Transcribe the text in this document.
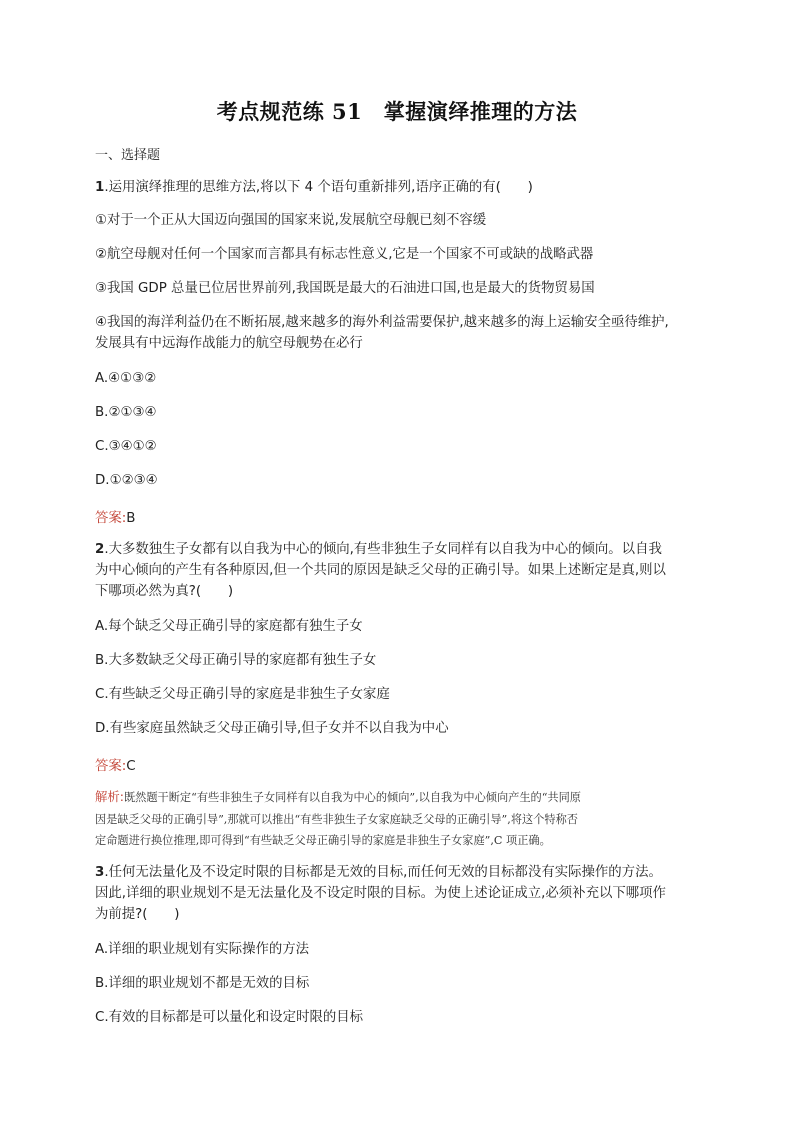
考点规范练 51　掌握演绎推理的方法
一、选择题
1.运用演绎推理的思维方法,将以下 4 个语句重新排列,语序正确的有(　　)
①对于一个正从大国迈向强国的国家来说,发展航空母舰已刻不容缓
②航空母舰对任何一个国家而言都具有标志性意义,它是一个国家不可或缺的战略武器
③我国 GDP 总量已位居世界前列,我国既是最大的石油进口国,也是最大的货物贸易国
④我国的海洋利益仍在不断拓展,越来越多的海外利益需要保护,越来越多的海上运输安全亟待维护,
发展具有中远海作战能力的航空母舰势在必行
A.④①③②
B.②①③④
C.③④①②
D.①②③④
答案:B
2.大多数独生子女都有以自我为中心的倾向,有些非独生子女同样有以自我为中心的倾向。以自我
为中心倾向的产生有各种原因,但一个共同的原因是缺乏父母的正确引导。如果上述断定是真,则以
下哪项必然为真?(　　)
A.每个缺乏父母正确引导的家庭都有独生子女
B.大多数缺乏父母正确引导的家庭都有独生子女
C.有些缺乏父母正确引导的家庭是非独生子女家庭
D.有些家庭虽然缺乏父母正确引导,但子女并不以自我为中心
答案:C
解析:既然题干断定“有些非独生子女同样有以自我为中心的倾向”,以自我为中心倾向产生的“共同原
因是缺乏父母的正确引导”,那就可以推出“有些非独生子女家庭缺乏父母的正确引导”,将这个特称否
定命题进行换位推理,即可得到“有些缺乏父母正确引导的家庭是非独生子女家庭”,C 项正确。
3.任何无法量化及不设定时限的目标都是无效的目标,而任何无效的目标都没有实际操作的方法。
因此,详细的职业规划不是无法量化及不设定时限的目标。为使上述论证成立,必须补充以下哪项作
为前提?(　　)
A.详细的职业规划有实际操作的方法
B.详细的职业规划不都是无效的目标
C.有效的目标都是可以量化和设定时限的目标
